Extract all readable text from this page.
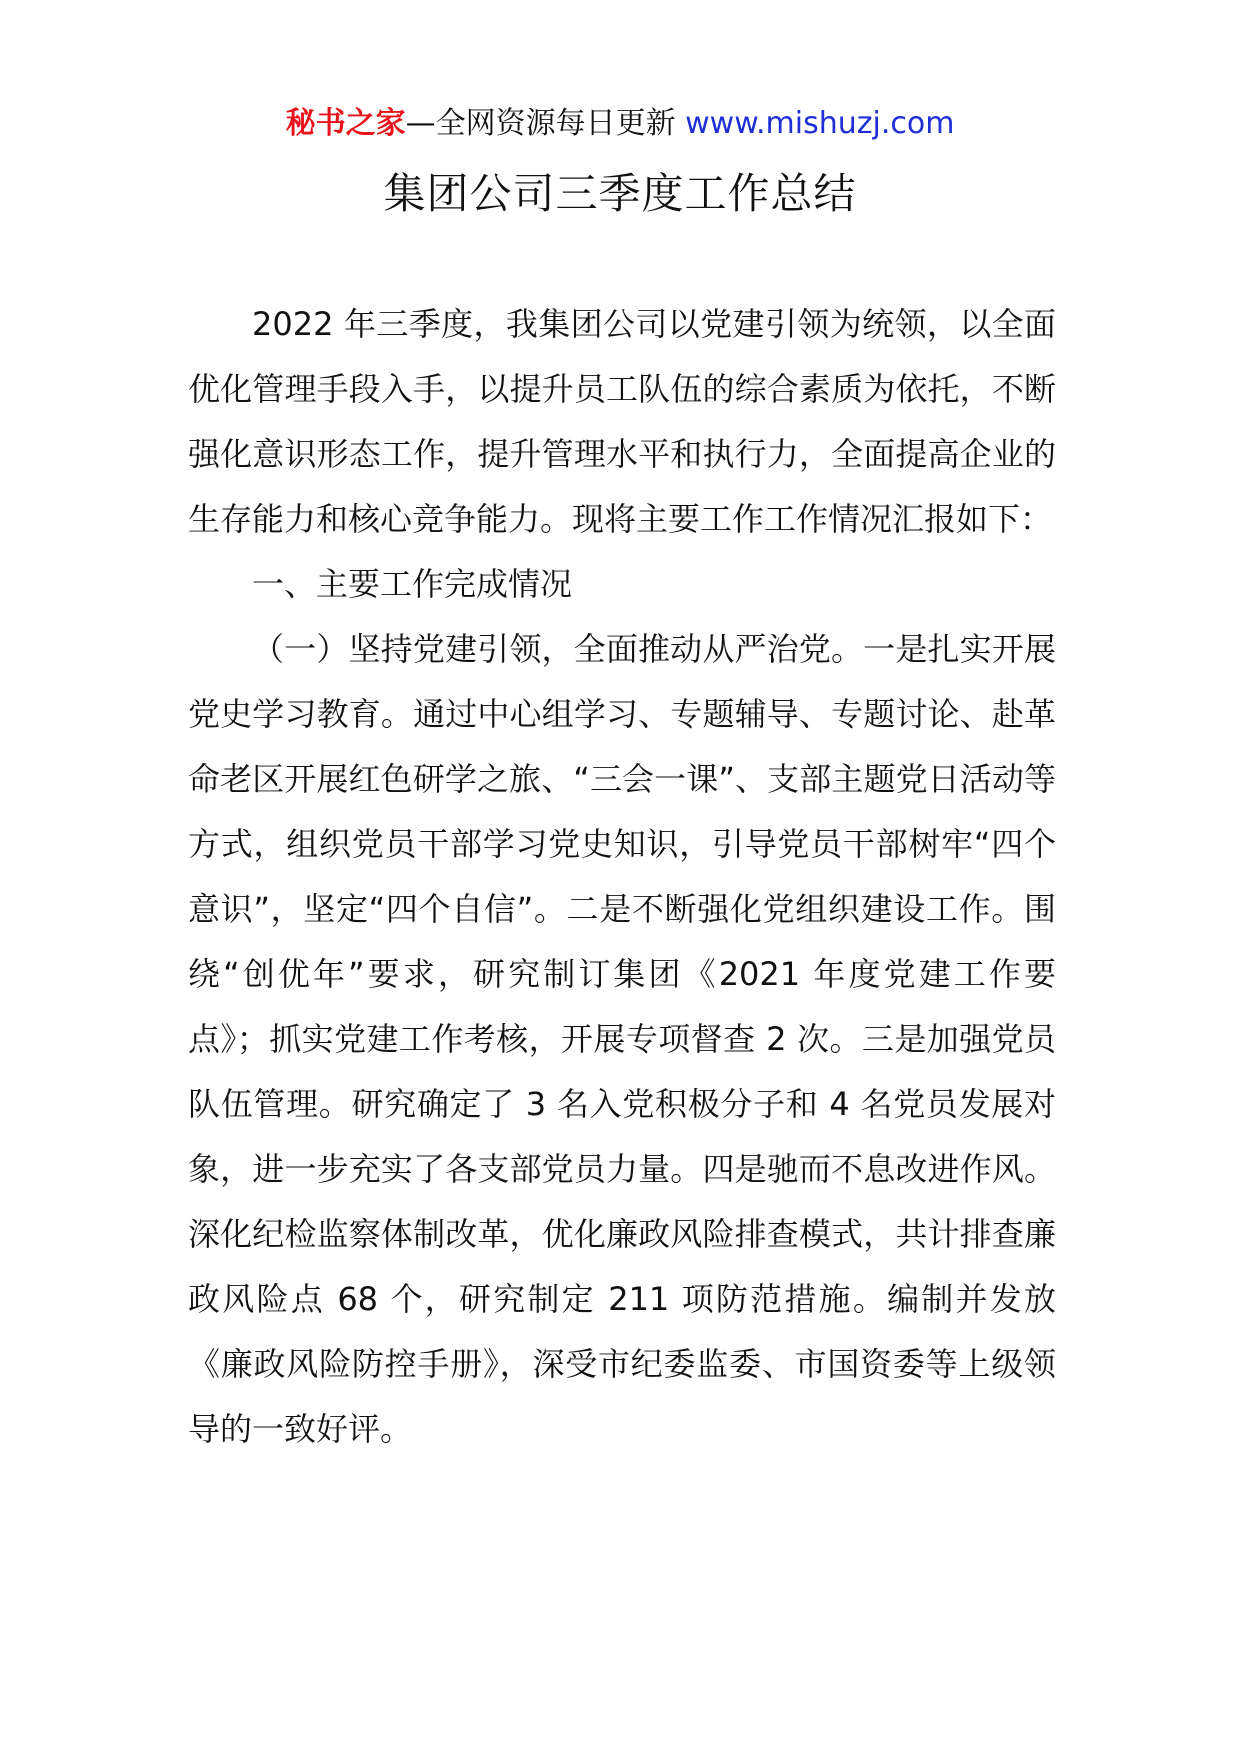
秘书之家—全网资源每日更新 www.mishuzj.com
集团公司三季度工作总结

2022 年三季度，我集团公司以党建引领为统领，以全面优化管理手段入手，以提升员工队伍的综合素质为依托，不断强化意识形态工作，提升管理水平和执行力，全面提高企业的生存能力和核心竞争能力。现将主要工作工作情况汇报如下：

一、主要工作完成情况

（一）坚持党建引领，全面推动从严治党。一是扎实开展党史学习教育。通过中心组学习、专题辅导、专题讨论、赴革命老区开展红色研学之旅、“三会一课”、支部主题党日活动等方式，组织党员干部学习党史知识，引导党员干部树牢“四个意识”，坚定“四个自信”。二是不断强化党组织建设工作。围绕“创优年”要求，研究制订集团《2021 年度党建工作要点》；抓实党建工作考核，开展专项督查 2 次。三是加强党员队伍管理。研究确定了 3 名入党积极分子和 4 名党员发展对象，进一步充实了各支部党员力量。四是驰而不息改进作风。深化纪检监察体制改革，优化廉政风险排查模式，共计排查廉政风险点 68 个，研究制定 211 项防范措施。编制并发放《廉政风险防控手册》，深受市纪委监委、市国资委等上级领导的一致好评。
